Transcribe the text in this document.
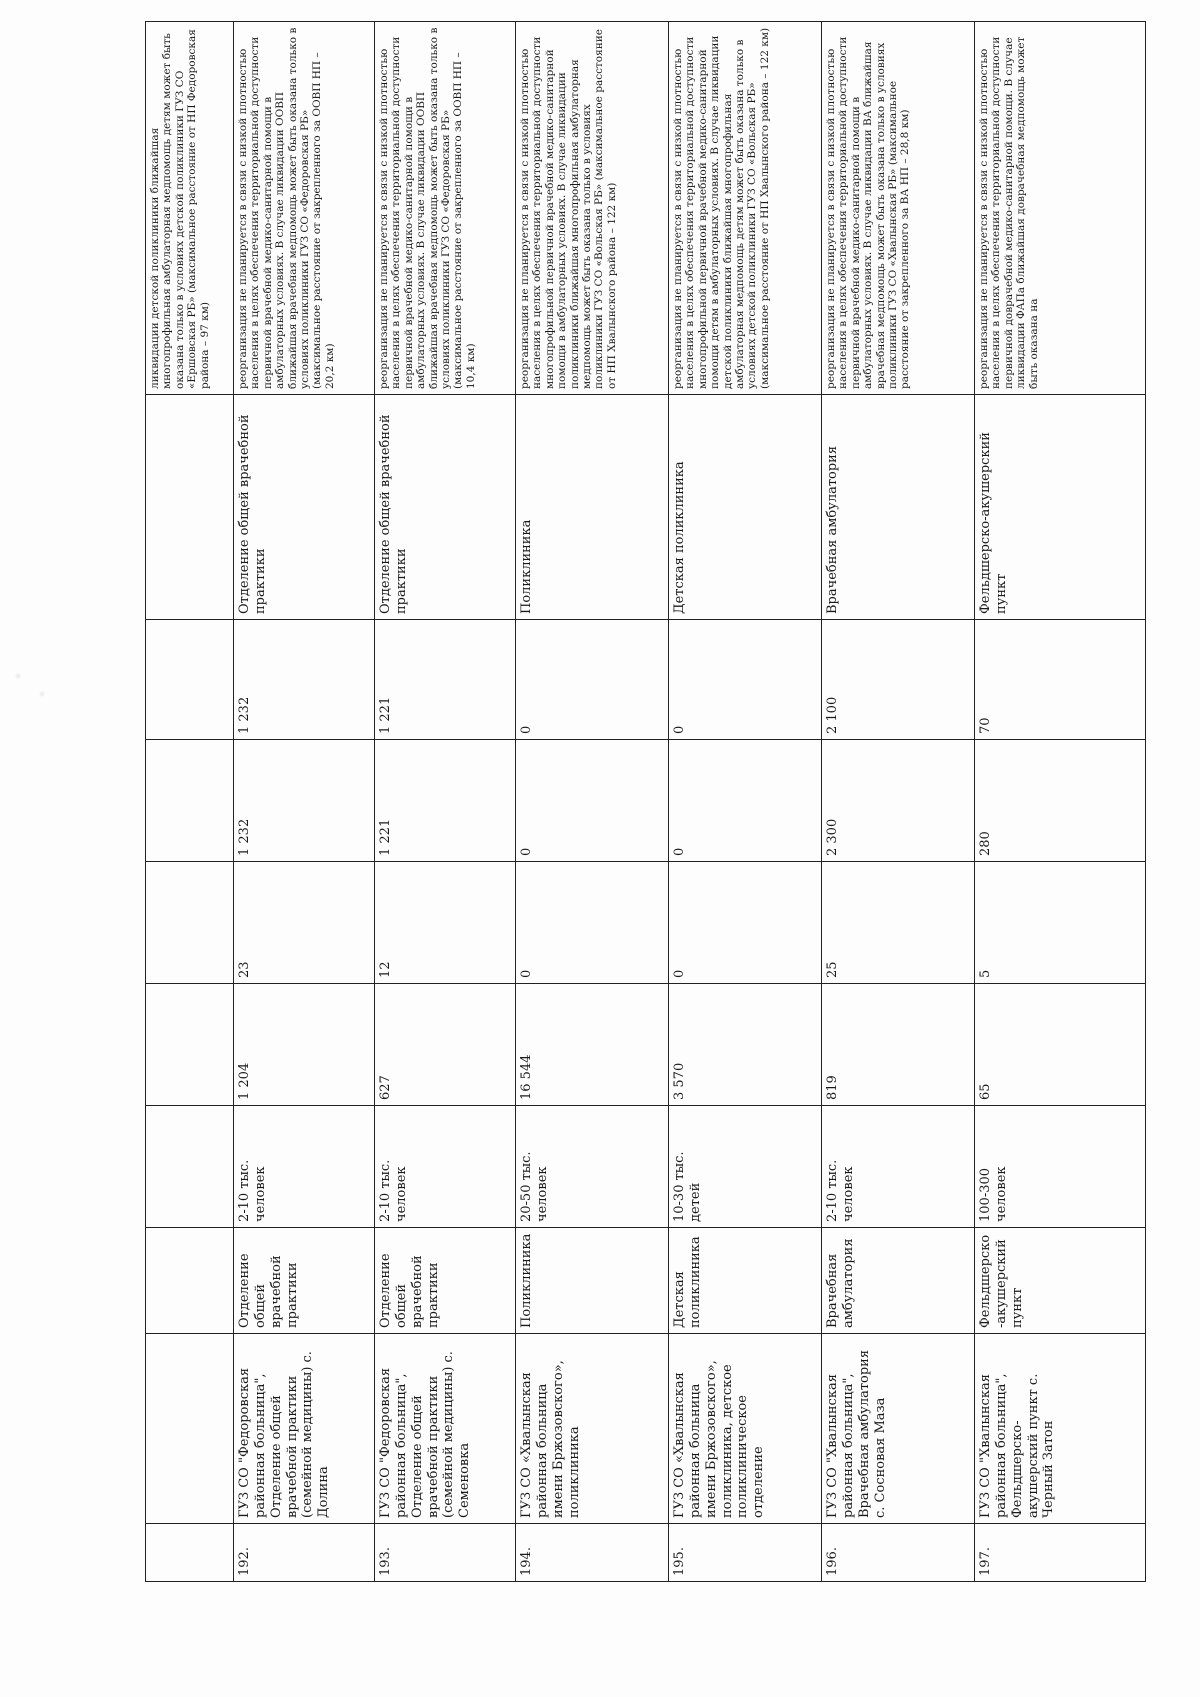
									ликвидации детской поликлиники ближайшая многопрофильная амбулаторная медпомощь детям может быть оказана только в условиях детской поликлиники ГУЗ СО «Ершовская РБ» (максимальное расстояние от НП Федоровская района – 97 км)
192.	ГУЗ СО "Федоровская районная больница", Отделение общей врачебной практики (семейной медицины) с. Долина	Отделение общей врачебной практики	2-10 тыс. человек	1 204	23	1 232	1 232	Отделение общей врачебной практики	реорганизация не планируется в связи с низкой плотностью населения в целях обеспечения территориальной доступности первичной врачебной медико-санитарной помощи в амбулаторных условиях. В случае ликвидации ООВП ближайшая врачебная медпомощь может быть оказана только в условиях поликлиники ГУЗ СО «Федоровская РБ» (максимальное расстояние от закрепленного за ООВП НП – 20,2 км)
193.	ГУЗ СО "Федоровская районная больница", Отделение общей врачебной практики (семейной медицины) с. Семеновка	Отделение общей врачебной практики	2-10 тыс. человек	627	12	1 221	1 221	Отделение общей врачебной практики	реорганизация не планируется в связи с низкой плотностью населения в целях обеспечения территориальной доступности первичной врачебной медико-санитарной помощи в амбулаторных условиях. В случае ликвидации ООВП ближайшая врачебная медпомощь может быть оказана только в условиях поликлиники ГУЗ СО «Федоровская РБ» (максимальное расстояние от закрепленного за ООВП НП – 10,4 км)
194.	ГУЗ СО «Хвалынская районная больница имени Бржозовского», поликлиника	Поликлиника	20-50 тыс. человек	16 544	0	0	0	Поликлиника	реорганизация не планируется в связи с низкой плотностью населения в целях обеспечения территориальной доступности многопрофильной первичной врачебной медико-санитарной помощи в амбулаторных условиях. В случае ликвидации поликлиники ближайшая многопрофильная амбулаторная медпомощь может быть оказана только в условиях поликлиники ГУЗ СО «Вольская РБ» (максимальное расстояние от НП Хвалынского района – 122 км)
195.	ГУЗ СО «Хвалынская районная больница имени Бржозовского», поликлиника, детское поликлиническое отделение	Детская поликлиника	10-30 тыс. детей	3 570	0	0	0	Детская поликлиника	реорганизация не планируется в связи с низкой плотностью населения в целях обеспечения территориальной доступности многопрофильной первичной врачебной медико-санитарной помощи детям в амбулаторных условиях. В случае ликвидации детской поликлиники ближайшая многопрофильная амбулаторная медпомощь детям может быть оказана только в условиях детской поликлиники ГУЗ СО «Вольская РБ» (максимальное расстояние от НП Хвалынского района – 122 км)
196.	ГУЗ СО "Хвалынская районная больница", Врачебная амбулатория с. Сосновая Маза	Врачебная амбулатория	2-10 тыс. человек	819	25	2 300	2 100	Врачебная амбулатория	реорганизация не планируется в связи с низкой плотностью населения в целях обеспечения территориальной доступности первичной врачебной медико-санитарной помощи в амбулаторных условиях. В случае ликвидации ВА ближайшая врачебная медпомощь может быть оказана только в условиях поликлиники ГУЗ СО «Хвалынская РБ» (максимальное расстояние от закрепленного за ВА НП – 28,8 км)
197.	ГУЗ СО "Хвалынская районная больница", Фельдшерско-акушерский пункт с. Черный Затон	Фельдшерско-акушерский пункт	100-300 человек	65	5	280	70	Фельдшерско-акушерский пункт	реорганизация не планируется в связи с низкой плотностью населения в целях обеспечения территориальной доступности первичной доврачебной медико-санитарной помощи. В случае ликвидации ФАПа ближайшая доврачебная медпомощь может быть оказана на
